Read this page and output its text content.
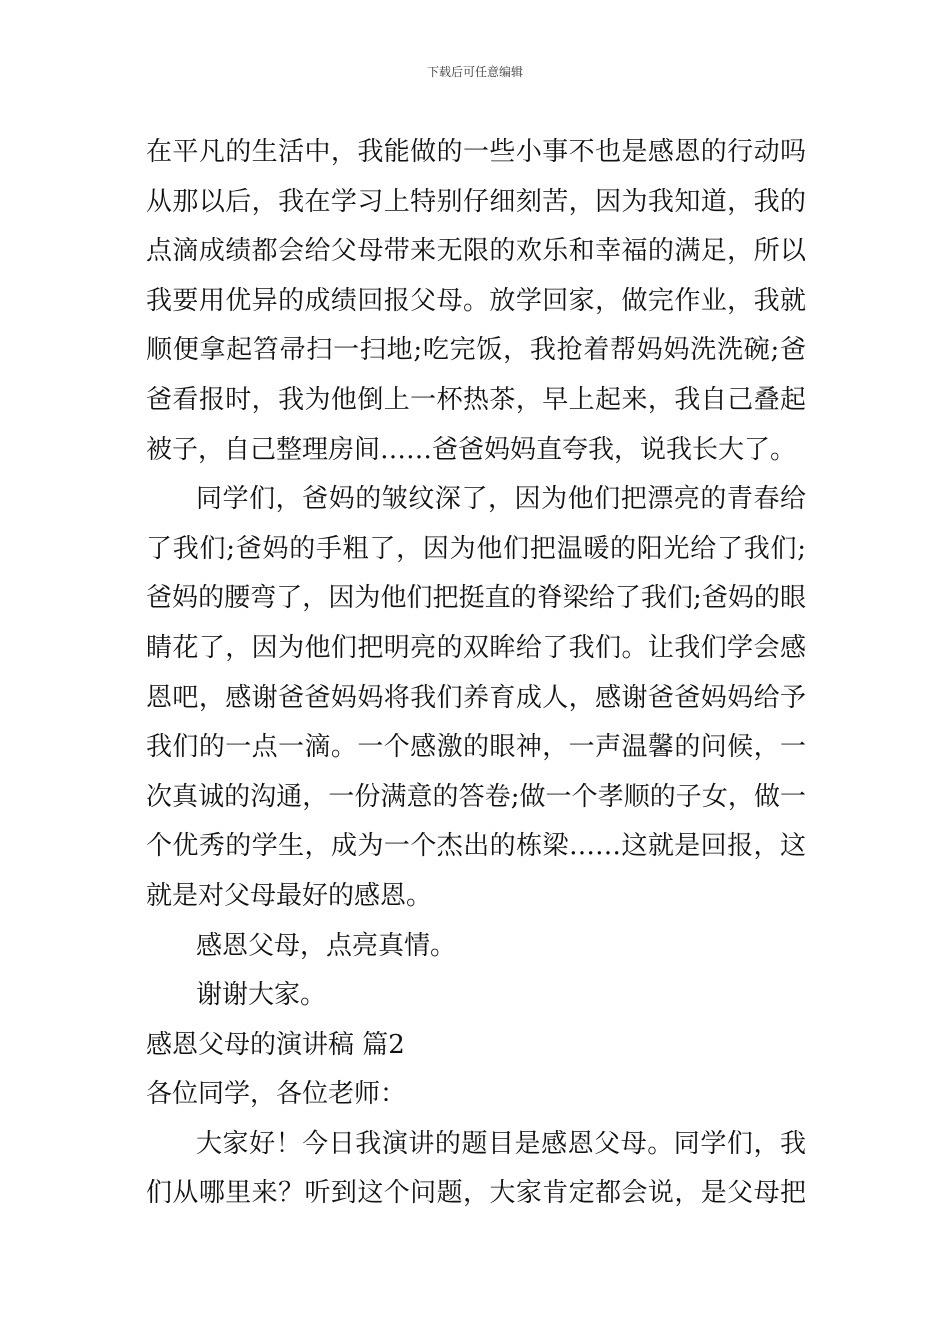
下载后可任意编辑
在平凡的生活中，我能做的一些小事不也是感恩的行动吗
从那以后，我在学习上特别仔细刻苦，因为我知道，我的
点滴成绩都会给父母带来无限的欢乐和幸福的满足，所以
我要用优异的成绩回报父母。放学回家，做完作业，我就
顺便拿起笤帚扫一扫地;吃完饭，我抢着帮妈妈洗洗碗;爸
爸看报时，我为他倒上一杯热茶，早上起来，我自己叠起
被子，自己整理房间……爸爸妈妈直夸我，说我长大了。
同学们，爸妈的皱纹深了，因为他们把漂亮的青春给
了我们;爸妈的手粗了，因为他们把温暖的阳光给了我们;
爸妈的腰弯了，因为他们把挺直的脊梁给了我们;爸妈的眼
睛花了，因为他们把明亮的双眸给了我们。让我们学会感
恩吧，感谢爸爸妈妈将我们养育成人，感谢爸爸妈妈给予
我们的一点一滴。一个感激的眼神，一声温馨的问候，一
次真诚的沟通，一份满意的答卷;做一个孝顺的子女，做一
个优秀的学生，成为一个杰出的栋梁……这就是回报，这
就是对父母最好的感恩。
感恩父母，点亮真情。
谢谢大家。
感恩父母的演讲稿 篇2
各位同学，各位老师：
大家好！今日我演讲的题目是感恩父母。同学们，我
们从哪里来？听到这个问题，大家肯定都会说，是父母把
